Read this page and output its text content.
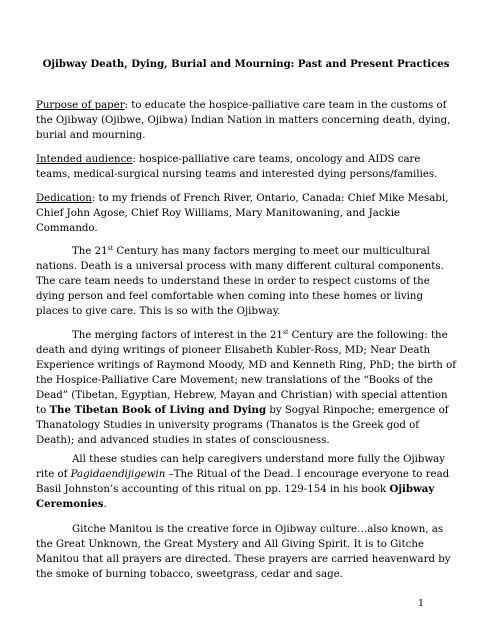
Ojibway Death, Dying, Burial and Mourning: Past and Present Practices

Purpose of paper: to educate the hospice-palliative care team in the customs of the Ojibway (Ojibwe, Ojibwa) Indian Nation in matters concerning death, dying, burial and mourning.

Intended audience: hospice-palliative care teams, oncology and AIDS care teams, medical-surgical nursing teams and interested dying persons/families.

Dedication: to my friends of French River, Ontario, Canada: Chief Mike Mesabi, Chief John Agose, Chief Roy Williams, Mary Manitowaning, and Jackie Commando.

The 21st Century has many factors merging to meet our multicultural nations. Death is a universal process with many different cultural components. The care team needs to understand these in order to respect customs of the dying person and feel comfortable when coming into these homes or living places to give care. This is so with the Ojibway.

The merging factors of interest in the 21st Century are the following: the death and dying writings of pioneer Elisabeth Kubler-Ross, MD; Near Death Experience writings of Raymond Moody, MD and Kenneth Ring, PhD; the birth of the Hospice-Palliative Care Movement; new translations of the “Books of the Dead” (Tibetan, Egyptian, Hebrew, Mayan and Christian) with special attention to The Tibetan Book of Living and Dying by Sogyal Rinpoche; emergence of Thanatology Studies in university programs (Thanatos is the Greek god of Death); and advanced studies in states of consciousness.

All these studies can help caregivers understand more fully the Ojibway rite of Pagidaendijigewin –The Ritual of the Dead. I encourage everyone to read Basil Johnston’s accounting of this ritual on pp. 129-154 in his book Ojibway Ceremonies.

Gitche Manitou is the creative force in Ojibway culture…also known, as the Great Unknown, the Great Mystery and All Giving Spirit. It is to Gitche Manitou that all prayers are directed. These prayers are carried heavenward by the smoke of burning tobacco, sweetgrass, cedar and sage.

1
